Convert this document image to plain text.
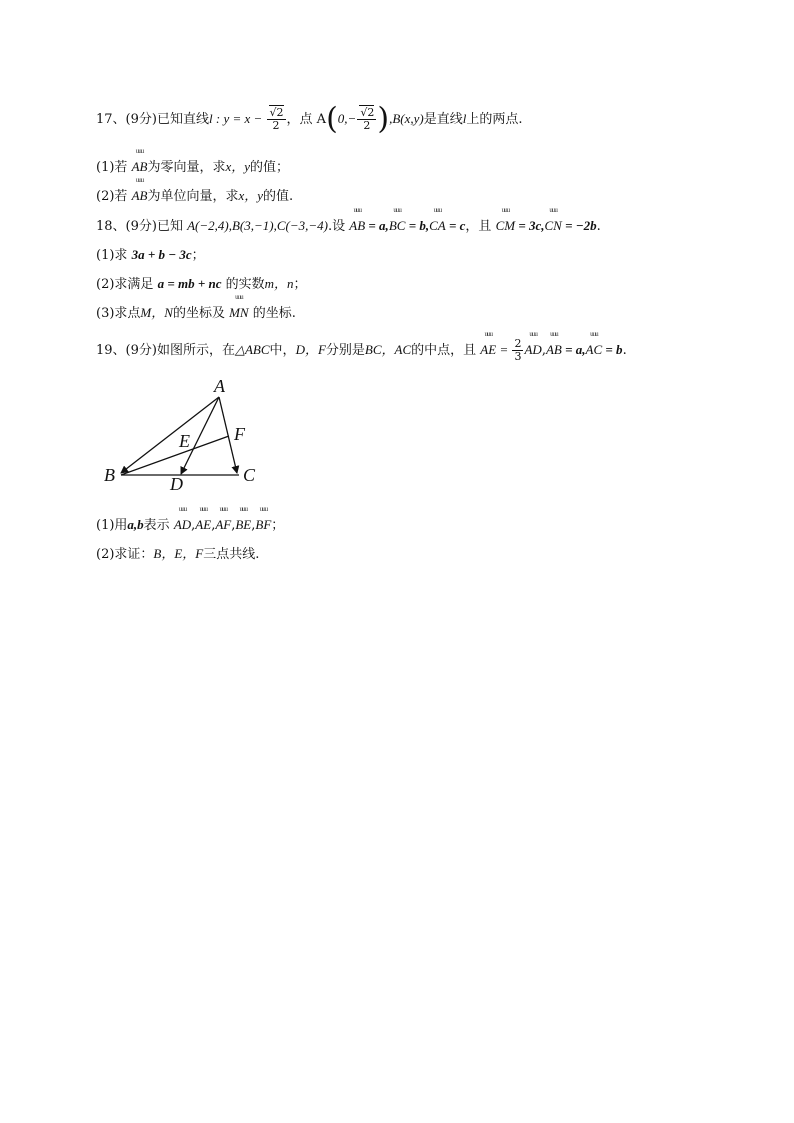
17、(9分)已知直线l : $y = x - \frac{√2}{2}$ ，点 $A(0,- \frac{√2}{2} ),B(x,y)$是直线l上的两点.
(1)若 uuu AB为零向量，求x，y的值；
(2)若 uuu AB为单位向量，求x，y的值.
18、(9分)已知 A(−2,4),B(3,−1),C(−3,−4).设 uuu AB = a,uuu BC = b,uuu CA = c，且 uuu CM = 3c,uuu CN = −2b.
(1)求 3a + b − 3c；
(2)求满足 a = mb + nc 的实数m，n；
(3)求点M，N的坐标及 uuu MN 的坐标.
19、(9分)如图所示，在△ABC中，D，F分别是BC，AC的中点，且 uuu AE = $\frac{2}{3}$
uuu AD,uuu AB = a,uuu AC = b.
A
B	C
D
E F
(1)用a,b表示 uuu AD,uuu AE,uuu AF,uuu BE,uuu BF；
(2)求证：B，E，F三点共线.
